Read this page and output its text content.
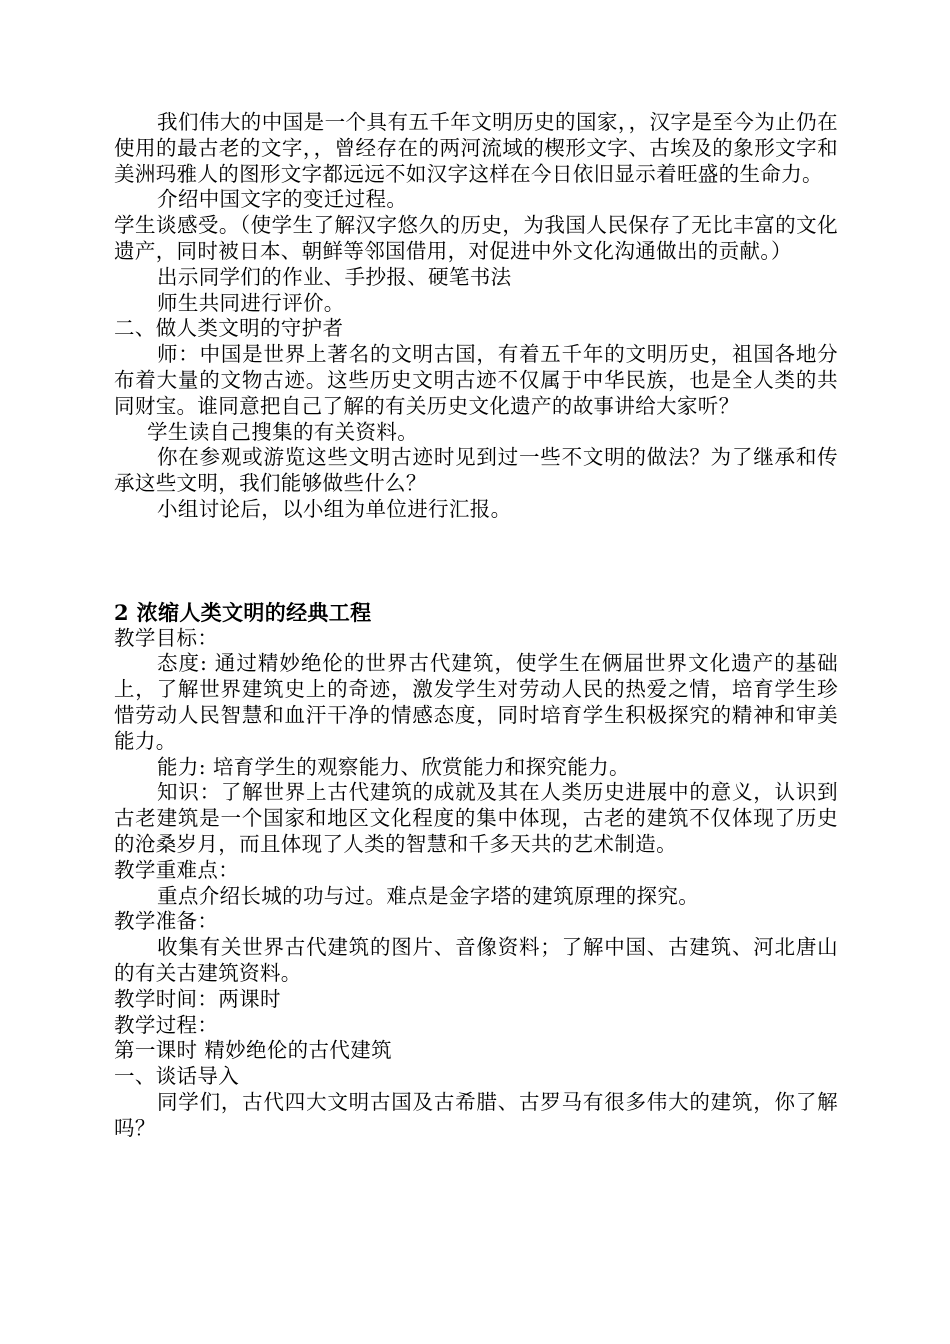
我们伟大的中国是一个具有五千年文明历史的国家，，汉字是至今为止仍在使用的最古老的文字，，曾经存在的两河流域的楔形文字、古埃及的象形文字和美洲玛雅人的图形文字都远远不如汉字这样在今日依旧显示着旺盛的生命力。

介绍中国文字的变迁过程。

学生谈感受。（使学生了解汉字悠久的历史，为我国人民保存了无比丰富的文化遗产，同时被日本、朝鲜等邻国借用，对促进中外文化沟通做出的贡献。）

出示同学们的作业、手抄报、硬笔书法

师生共同进行评价。

二、做人类文明的守护者

师：中国是世界上著名的文明古国，有着五千年的文明历史，祖国各地分布着大量的文物古迹。这些历史文明古迹不仅属于中华民族，也是全人类的共同财宝。谁同意把自己了解的有关历史文化遗产的故事讲给大家听？

学生读自己搜集的有关资料。

你在参观或游览这些文明古迹时见到过一些不文明的做法？为了继承和传承这些文明，我们能够做些什么？

小组讨论后，以小组为单位进行汇报。

2 浓缩人类文明的经典工程

教学目标：

态度: 通过精妙绝伦的世界古代建筑，使学生在俩届世界文化遗产的基础上，了解世界建筑史上的奇迹，激发学生对劳动人民的热爱之情，培育学生珍惜劳动人民智慧和血汗干净的情感态度，同时培育学生积极探究的精神和审美能力。

能力: 培育学生的观察能力、欣赏能力和探究能力。

知识：了解世界上古代建筑的成就及其在人类历史进展中的意义，认识到古老建筑是一个国家和地区文化程度的集中体现，古老的建筑不仅体现了历史的沧桑岁月，而且体现了人类的智慧和千多天共的艺术制造。

教学重难点：

重点介绍长城的功与过。难点是金字塔的建筑原理的探究。

教学准备：

收集有关世界古代建筑的图片、音像资料；了解中国、古建筑、河北唐山的有关古建筑资料。

教学时间：两课时

教学过程：

第一课时 精妙绝伦的古代建筑

一、谈话导入

同学们，古代四大文明古国及古希腊、古罗马有很多伟大的建筑，你了解吗？
